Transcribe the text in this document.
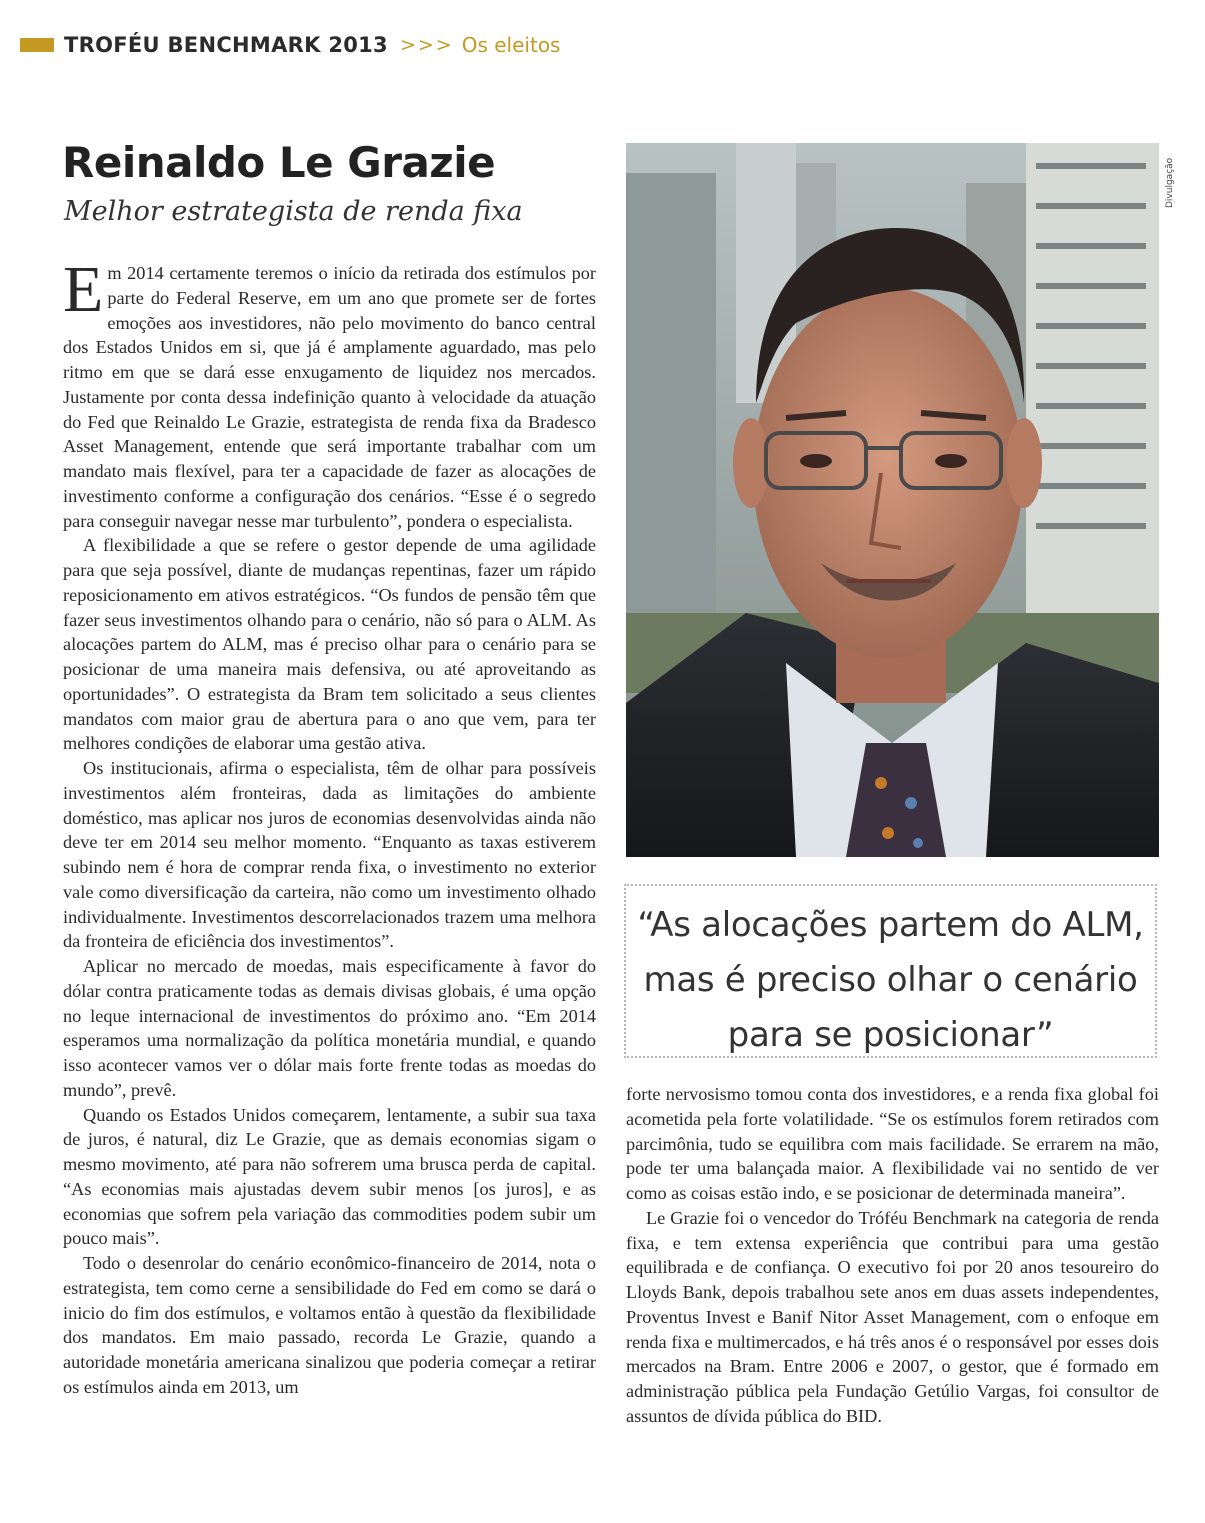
TROFÉU BENCHMARK 2013 >>> Os eleitos
Reinaldo Le Grazie
Melhor estrategista de renda fixa

Em 2014 certamente teremos o início da retirada dos estímulos por parte do Federal Reserve, em um ano que promete ser de fortes emoções aos investidores, não pelo movimento do banco central dos Estados Unidos em si, que já é amplamente aguardado, mas pelo ritmo em que se dará esse enxugamento de liquidez nos mercados. Justamente por conta dessa indefinição quanto à velocidade da atuação do Fed que Reinaldo Le Grazie, estrategista de renda fixa da Bradesco Asset Management, entende que será importante trabalhar com um mandato mais flexível, para ter a capacidade de fazer as alocações de investimento conforme a configuração dos cenários. “Esse é o segredo para conseguir navegar nesse mar turbulento”, pondera o especialista.

A flexibilidade a que se refere o gestor depende de uma agilidade para que seja possível, diante de mudanças repentinas, fazer um rápido reposicionamento em ativos estratégicos. “Os fundos de pensão têm que fazer seus investimentos olhando para o cenário, não só para o ALM. As alocações partem do ALM, mas é preciso olhar para o cenário para se posicionar de uma maneira mais defensiva, ou até aproveitando as oportunidades”. O estrategista da Bram tem solicitado a seus clientes mandatos com maior grau de abertura para o ano que vem, para ter melhores condições de elaborar uma gestão ativa.

Os institucionais, afirma o especialista, têm de olhar para possíveis investimentos além fronteiras, dada as limitações do ambiente doméstico, mas aplicar nos juros de economias desenvolvidas ainda não deve ter em 2014 seu melhor momento. “Enquanto as taxas estiverem subindo nem é hora de comprar renda fixa, o investimento no exterior vale como diversificação da carteira, não como um investimento olhado individualmente. Investimentos descorrelacionados trazem uma melhora da fronteira de eficiência dos investimentos”.

Aplicar no mercado de moedas, mais especificamente à favor do dólar contra praticamente todas as demais divisas globais, é uma opção no leque internacional de investimentos do próximo ano. “Em 2014 esperamos uma normalização da política monetária mundial, e quando isso acontecer vamos ver o dólar mais forte frente todas as moedas do mundo”, prevê.

Quando os Estados Unidos começarem, lentamente, a subir sua taxa de juros, é natural, diz Le Grazie, que as demais economias sigam o mesmo movimento, até para não sofrerem uma brusca perda de capital. “As economias mais ajustadas devem subir menos [os juros], e as economias que sofrem pela variação das commodities podem subir um pouco mais”.

Todo o desenrolar do cenário econômico-financeiro de 2014, nota o estrategista, tem como cerne a sensibilidade do Fed em como se dará o inicio do fim dos estímulos, e voltamos então à questão da flexibilidade dos mandatos. Em maio passado, recorda Le Grazie, quando a autoridade monetária americana sinalizou que poderia começar a retirar os estímulos ainda em 2013, um

Divulgação
“As alocações partem do ALM, mas é preciso olhar o cenário para se posicionar”

forte nervosismo tomou conta dos investidores, e a renda fixa global foi acometida pela forte volatilidade. “Se os estímulos forem retirados com parcimônia, tudo se equilibra com mais facilidade. Se errarem na mão, pode ter uma balançada maior. A flexibilidade vai no sentido de ver como as coisas estão indo, e se posicionar de determinada maneira”.

Le Grazie foi o vencedor do Tróféu Benchmark na categoria de renda fixa, e tem extensa experiência que contribui para uma gestão equilibrada e de confiança. O executivo foi por 20 anos tesoureiro do Lloyds Bank, depois trabalhou sete anos em duas assets independentes, Proventus Invest e Banif Nitor Asset Management, com o enfoque em renda fixa e multimercados, e há três anos é o responsável por esses dois mercados na Bram. Entre 2006 e 2007, o gestor, que é formado em administração pública pela Fundação Getúlio Vargas, foi consultor de assuntos de dívida pública do BID.
